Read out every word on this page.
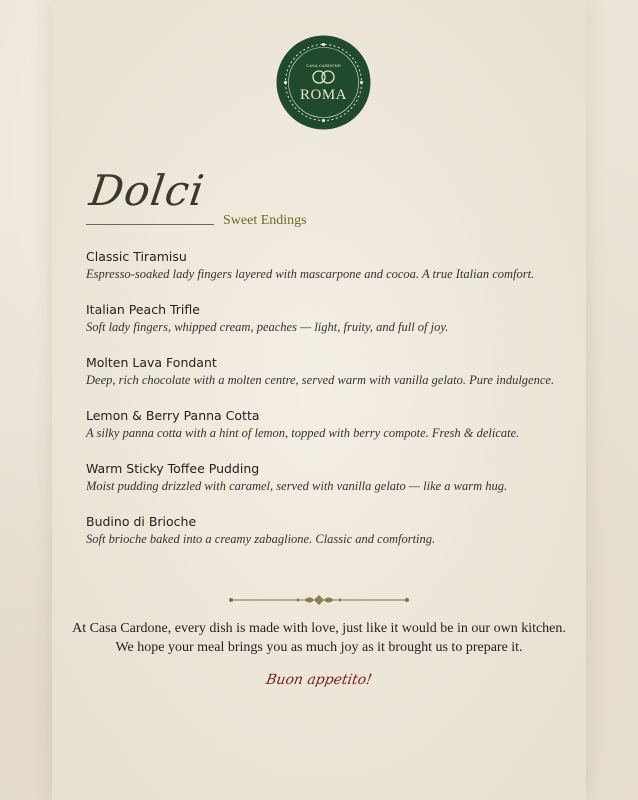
CASA CARDONE
ROMA
Dolci
Sweet Endings

Classic Tiramisu

Espresso-soaked lady fingers layered with mascarpone and cocoa. A true Italian comfort.

Italian Peach Trifle

Soft lady fingers, whipped cream, peaches — light, fruity, and full of joy.

Molten Lava Fondant

Deep, rich chocolate with a molten centre, served warm with vanilla gelato. Pure indulgence.

Lemon & Berry Panna Cotta

A silky panna cotta with a hint of lemon, topped with berry compote. Fresh & delicate.

Warm Sticky Toffee Pudding

Moist pudding drizzled with caramel, served with vanilla gelato — like a warm hug.

Budino di Brioche

Soft brioche baked into a creamy zabaglione. Classic and comforting.

At Casa Cardone, every dish is made with love, just like it would be in our own kitchen.
We hope your meal brings you as much joy as it brought us to prepare it.
Buon appetito!
